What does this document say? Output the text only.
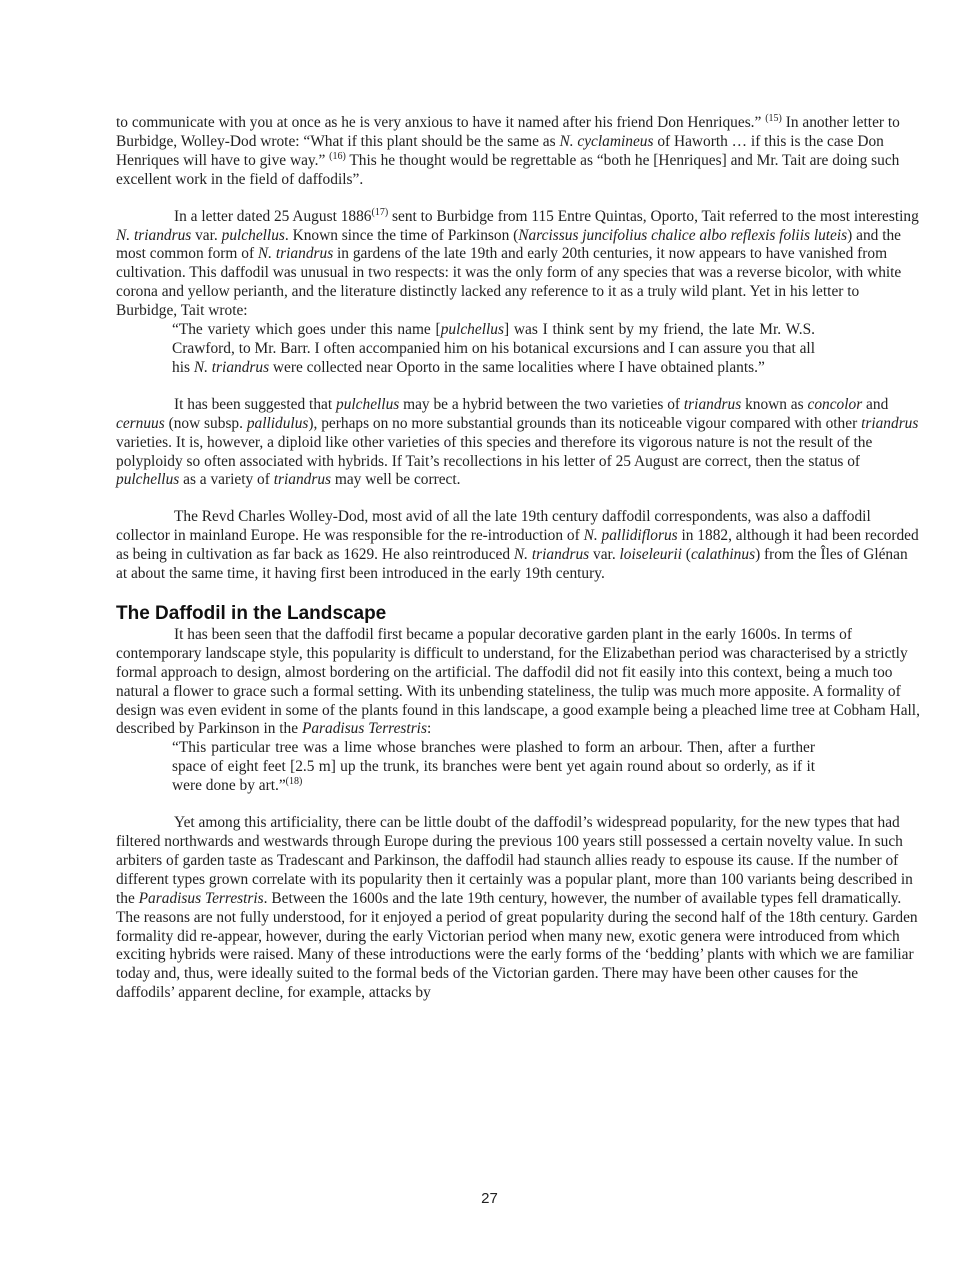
to communicate with you at once as he is very anxious to have it named after his friend Don Henriques.” $^{(15)}$ In another letter to Burbidge, Wolley-Dod wrote: “What if this plant should be the same as N. cyclamineus of Haworth … if this is the case Don Henriques will have to give way.” $^{(16)}$ This he thought would be regrettable as “both he [Henriques] and Mr. Tait are doing such excellent work in the field of daffodils”.

In a letter dated 25 August 1886$^{(17)}$ sent to Burbidge from 115 Entre Quintas, Oporto, Tait referred to the most interesting N. triandrus var. pulchellus. Known since the time of Parkinson (Narcissus juncifolius chalice albo reflexis foliis luteis) and the most common form of N. triandrus in gardens of the late 19th and early 20th centuries, it now appears to have vanished from cultivation. This daffodil was unusual in two respects: it was the only form of any species that was a reverse bicolor, with white corona and yellow perianth, and the literature distinctly lacked any reference to it as a truly wild plant. Yet in his letter to Burbidge, Tait wrote:

“The variety which goes under this name [pulchellus] was I think sent by my friend, the late Mr. W.S. Crawford, to Mr. Barr. I often accompanied him on his botanical excursions and I can assure you that all his N. triandrus were collected near Oporto in the same localities where I have obtained plants.”

It has been suggested that pulchellus may be a hybrid between the two varieties of triandrus known as concolor and cernuus (now subsp. pallidulus), perhaps on no more substantial grounds than its noticeable vigour compared with other triandrus varieties. It is, however, a diploid like other varieties of this species and therefore its vigorous nature is not the result of the polyploidy so often associated with hybrids. If Tait’s recollections in his letter of 25 August are correct, then the status of pulchellus as a variety of triandrus may well be correct.

The Revd Charles Wolley-Dod, most avid of all the late 19th century daffodil correspondents, was also a daffodil collector in mainland Europe. He was responsible for the re-introduction of N. pallidiflorus in 1882, although it had been recorded as being in cultivation as far back as 1629. He also reintroduced N. triandrus var. loiseleurii (calathinus) from the Îles of Glénan at about the same time, it having first been introduced in the early 19th century.

The Daffodil in the Landscape

It has been seen that the daffodil first became a popular decorative garden plant in the early 1600s. In terms of contemporary landscape style, this popularity is difficult to understand, for the Elizabethan period was characterised by a strictly formal approach to design, almost bordering on the artificial. The daffodil did not fit easily into this context, being a much too natural a flower to grace such a formal setting. With its unbending stateliness, the tulip was much more apposite. A formality of design was even evident in some of the plants found in this landscape, a good example being a pleached lime tree at Cobham Hall, described by Parkinson in the Paradisus Terrestris:

“This particular tree was a lime whose branches were plashed to form an arbour. Then, after a further space of eight feet [2.5 m] up the trunk, its branches were bent yet again round about so orderly, as if it were done by art.”$^{(18)}$

Yet among this artificiality, there can be little doubt of the daffodil’s widespread popularity, for the new types that had filtered northwards and westwards through Europe during the previous 100 years still possessed a certain novelty value. In such arbiters of garden taste as Tradescant and Parkinson, the daffodil had staunch allies ready to espouse its cause. If the number of different types grown correlate with its popularity then it certainly was a popular plant, more than 100 variants being described in the Paradisus Terrestris. Between the 1600s and the late 19th century, however, the number of available types fell dramatically. The reasons are not fully understood, for it enjoyed a period of great popularity during the second half of the 18th century. Garden formality did re-appear, however, during the early Victorian period when many new, exotic genera were introduced from which exciting hybrids were raised. Many of these introductions were the early forms of the ‘bedding’ plants with which we are familiar today and, thus, were ideally suited to the formal beds of the Victorian garden. There may have been other causes for the daffodils’ apparent decline, for example, attacks by

27
